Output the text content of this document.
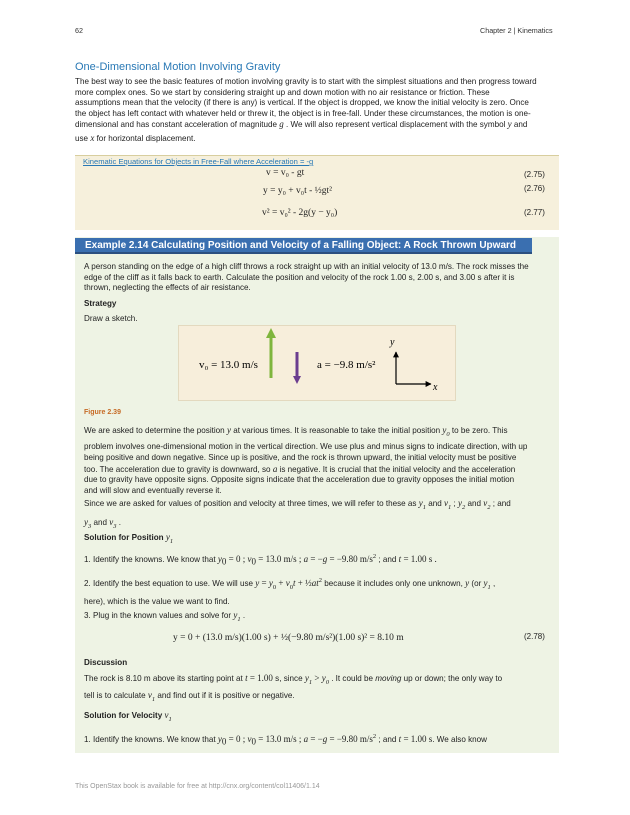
62	Chapter 2 | Kinematics
One-Dimensional Motion Involving Gravity
The best way to see the basic features of motion involving gravity is to start with the simplest situations and then progress toward
more complex ones. So we start by considering straight up and down motion with no air resistance or friction. These
assumptions mean that the velocity (if there is any) is vertical. If the object is dropped, we know the initial velocity is zero. Once
the object has left contact with whatever held or threw it, the object is in free-fall. Under these circumstances, the motion is one-
dimensional and has constant acceleration of magnitude g . We will also represent vertical displacement with the symbol y and
use x for horizontal displacement.
Kinematic Equations for Objects in Free-Fall where Acceleration = -g
v = v₀ - gt	(2.75)
y = y₀ + v₀t - ½gt²	(2.76)
v² = v₀² - 2g(y − y₀)	(2.77)
Example 2.14 Calculating Position and Velocity of a Falling Object: A Rock Thrown Upward
A person standing on the edge of a high cliff throws a rock straight up with an initial velocity of 13.0 m/s. The rock misses the
edge of the cliff as it falls back to earth. Calculate the position and velocity of the rock 1.00 s, 2.00 s, and 3.00 s after it is
thrown, neglecting the effects of air resistance.
Strategy
Draw a sketch.
v₀ = 13.0 m/s	a = −9.8 m/s²
y
x
Figure 2.39
We are asked to determine the position y at various times. It is reasonable to take the initial position $y_0$ to be zero. This
problem involves one-dimensional motion in the vertical direction. We use plus and minus signs to indicate direction, with up
being positive and down negative. Since up is positive, and the rock is thrown upward, the initial velocity must be positive
too. The acceleration due to gravity is downward, so a is negative. It is crucial that the initial velocity and the acceleration
due to gravity have opposite signs. Opposite signs indicate that the acceleration due to gravity opposes the initial motion
and will slow and eventually reverse it.
Since we are asked for values of position and velocity at three times, we will refer to these as $y_1$ and $v_1$ ; $y_2$ and $v_2$ ; and
$y_3$ and $v_3$ .
Solution for Position $y_1$
1. Identify the knowns. We know that $y_0 = 0$ ; $v_0 = 13.0$ m/s ; a = −g = −9.80 $m/s^2$ ; and t = 1.00 s .
2. Identify the best equation to use. We will use $y = y_0 + v_0t$ + $\frac{1}{2}at^2$ because it includes only one unknown, y (or $y_1$ ,
here), which is the value we want to find.
3. Plug in the known values and solve for $y_1$ .
y = 0 + (13.0 m/s)(1.00 s) + ½(−9.80 m/s²)(1.00 s)² = 8.10 m	(2.78)
Discussion
The rock is 8.10 m above its starting point at t = 1.00 s, since $y_1 > y_0$ . It could be moving up or down; the only way to
tell is to calculate $v_1$ and find out if it is positive or negative.
Solution for Velocity $v_1$
1. Identify the knowns. We know that $y_0 = 0$ ; $v_0 = 13.0$ m/s ; a = −g = −9.80 $m/s^2$ ; and t = 1.00 s. We also know
This OpenStax book is available for free at http://cnx.org/content/col11406/1.14
